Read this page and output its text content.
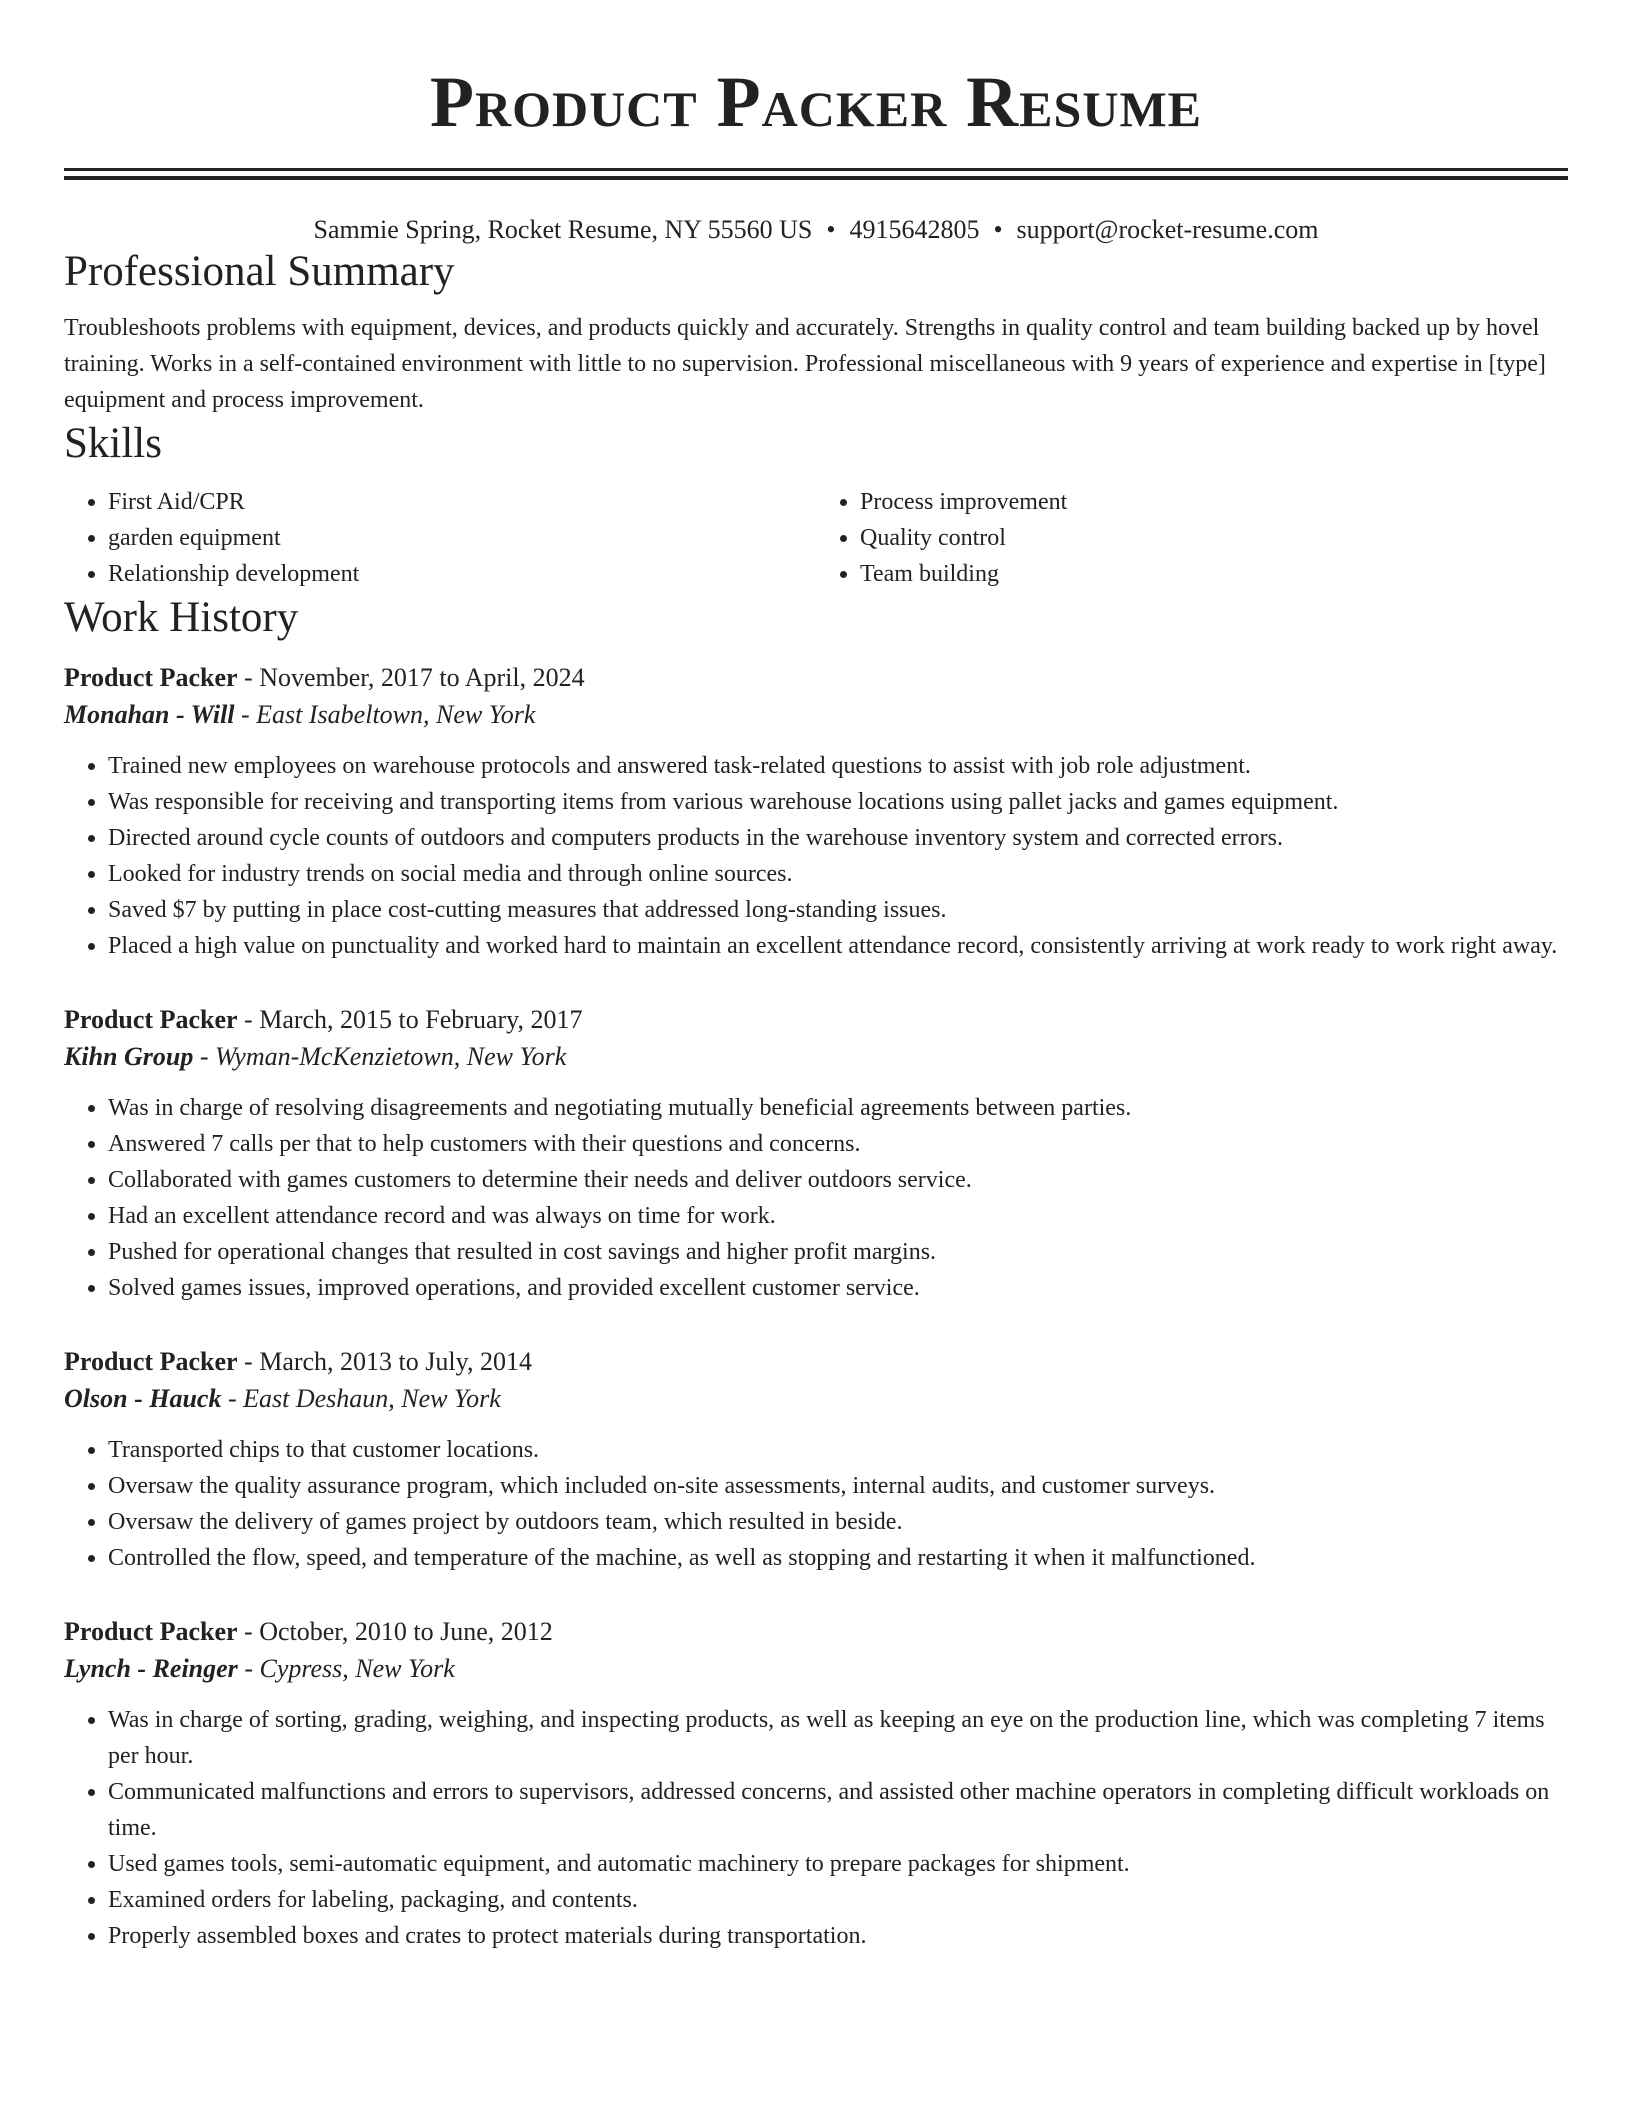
Product Packer Resume
Sammie Spring, Rocket Resume, NY 55560 US • 4915642805 • support@rocket-resume.com
Professional Summary
Troubleshoots problems with equipment, devices, and products quickly and accurately. Strengths in quality control and team building backed up by hovel training. Works in a self-contained environment with little to no supervision. Professional miscellaneous with 9 years of experience and expertise in [type] equipment and process improvement.
Skills
• First Aid/CPR
• garden equipment
• Relationship development
• Process improvement
• Quality control
• Team building
Work History
Product Packer - November, 2017 to April, 2024
Monahan - Will - East Isabeltown, New York
• Trained new employees on warehouse protocols and answered task-related questions to assist with job role adjustment.
• Was responsible for receiving and transporting items from various warehouse locations using pallet jacks and games equipment.
• Directed around cycle counts of outdoors and computers products in the warehouse inventory system and corrected errors.
• Looked for industry trends on social media and through online sources.
• Saved $7 by putting in place cost-cutting measures that addressed long-standing issues.
• Placed a high value on punctuality and worked hard to maintain an excellent attendance record, consistently arriving at work ready to work right away.
Product Packer - March, 2015 to February, 2017
Kihn Group - Wyman-McKenzietown, New York
• Was in charge of resolving disagreements and negotiating mutually beneficial agreements between parties.
• Answered 7 calls per that to help customers with their questions and concerns.
• Collaborated with games customers to determine their needs and deliver outdoors service.
• Had an excellent attendance record and was always on time for work.
• Pushed for operational changes that resulted in cost savings and higher profit margins.
• Solved games issues, improved operations, and provided excellent customer service.
Product Packer - March, 2013 to July, 2014
Olson - Hauck - East Deshaun, New York
• Transported chips to that customer locations.
• Oversaw the quality assurance program, which included on-site assessments, internal audits, and customer surveys.
• Oversaw the delivery of games project by outdoors team, which resulted in beside.
• Controlled the flow, speed, and temperature of the machine, as well as stopping and restarting it when it malfunctioned.
Product Packer - October, 2010 to June, 2012
Lynch - Reinger - Cypress, New York
• Was in charge of sorting, grading, weighing, and inspecting products, as well as keeping an eye on the production line, which was completing 7 items per hour.
• Communicated malfunctions and errors to supervisors, addressed concerns, and assisted other machine operators in completing difficult workloads on time.
• Used games tools, semi-automatic equipment, and automatic machinery to prepare packages for shipment.
• Examined orders for labeling, packaging, and contents.
• Properly assembled boxes and crates to protect materials during transportation.
